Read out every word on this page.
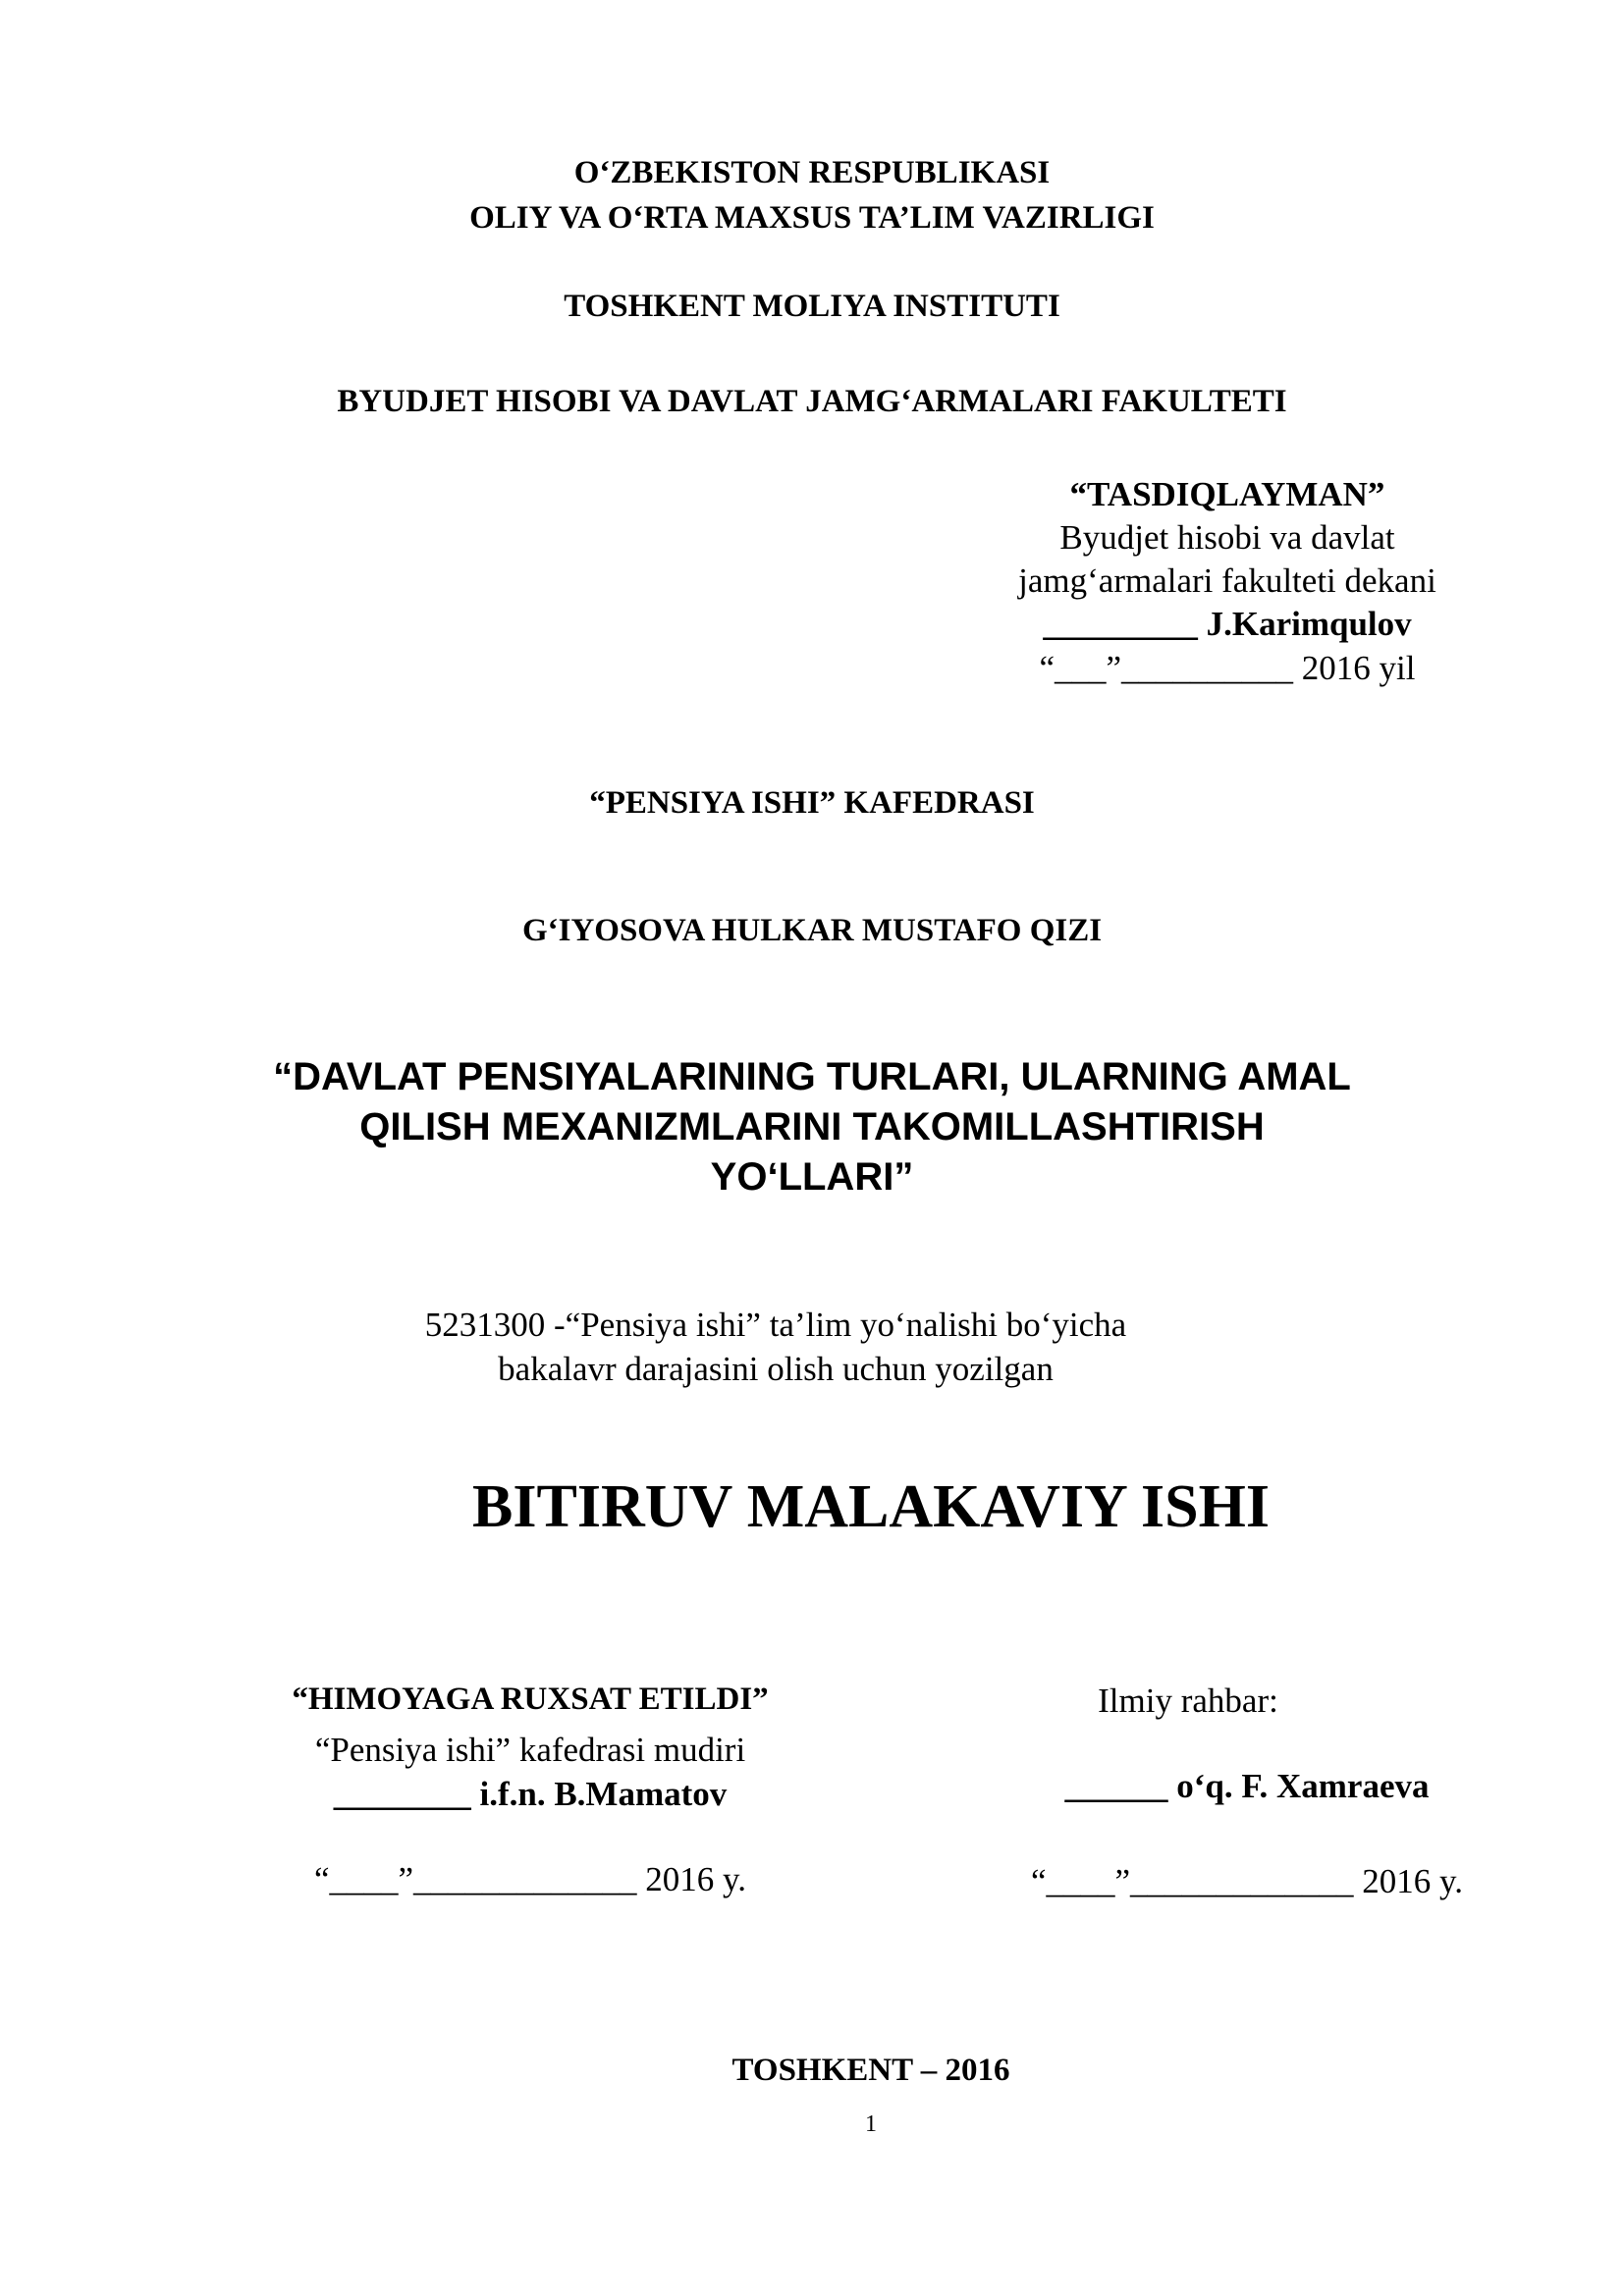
O‘ZBEKISTON RESPUBLIKASI
OLIY VA O‘RTA MAXSUS TA’LIM VAZIRLIGI
TOSHKENT MOLIYA INSTITUTI
BYUDJET HISOBI VA DAVLAT JAMG‘ARMALARI FAKULTETI
“TASDIQLAYMAN”
Byudjet hisobi va davlat
jamg‘armalari fakulteti dekani
_________ J.Karimqulov
“___”__________ 2016 yil
“PENSIYA ISHI” KAFEDRASI
G‘IYOSOVA HULKAR MUSTAFO QIZI
“DAVLAT PENSIYALARINING TURLARI, ULARNING AMAL
QILISH MEXANIZMLARINI TAKOMILLASHTIRISH
YO‘LLARI”
5231300 -“Pensiya ishi” ta’lim yo‘nalishi bo‘yicha
bakalavr darajasini olish uchun yozilgan
BITIRUV MALAKAVIY ISHI
“HIMOYAGA RUXSAT ETILDI”
“Pensiya ishi” kafedrasi mudiri
________ i.f.n. B.Mamatov
“____”_____________ 2016 y.
Ilmiy rahbar:
______ o‘q. F. Xamraeva
“____”_____________ 2016 y.
TOSHKENT – 2016
1
